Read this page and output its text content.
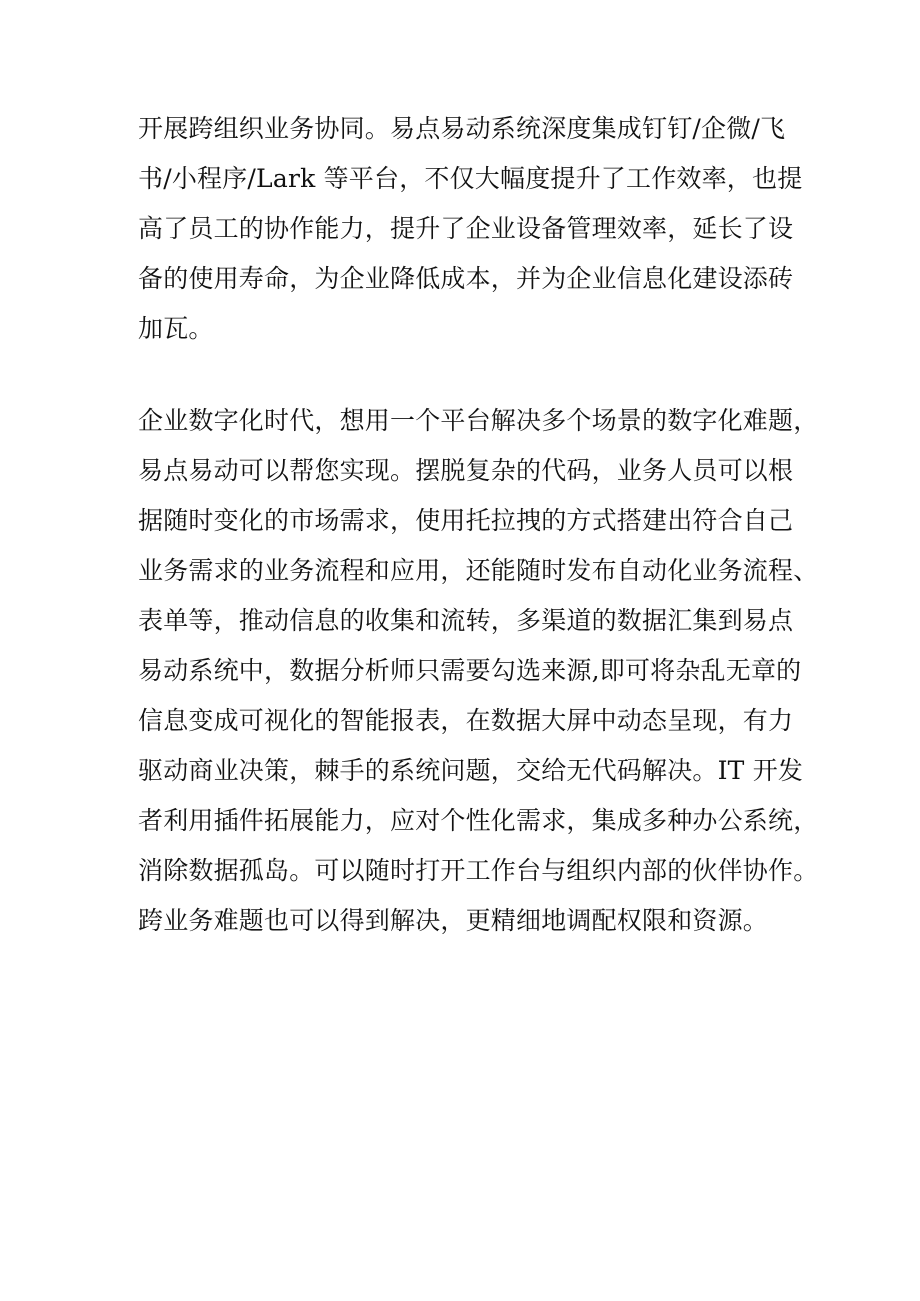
开展跨组织业务协同。易点易动系统深度集成钉钉/企微/飞
书/小程序/Lark 等平台，不仅大幅度提升了工作效率，也提
高了员工的协作能力，提升了企业设备管理效率，延长了设
备的使用寿命，为企业降低成本，并为企业信息化建设添砖
加瓦。
企业数字化时代，想用一个平台解决多个场景的数字化难题，
易点易动可以帮您实现。摆脱复杂的代码，业务人员可以根
据随时变化的市场需求，使用托拉拽的方式搭建出符合自己
业务需求的业务流程和应用，还能随时发布自动化业务流程、
表单等，推动信息的收集和流转，多渠道的数据汇集到易点
易动系统中，数据分析师只需要勾选来源,即可将杂乱无章的
信息变成可视化的智能报表，在数据大屏中动态呈现，有力
驱动商业决策，棘手的系统问题，交给无代码解决。IT 开发
者利用插件拓展能力，应对个性化需求，集成多种办公系统，
消除数据孤岛。可以随时打开工作台与组织内部的伙伴协作。
跨业务难题也可以得到解决，更精细地调配权限和资源。
